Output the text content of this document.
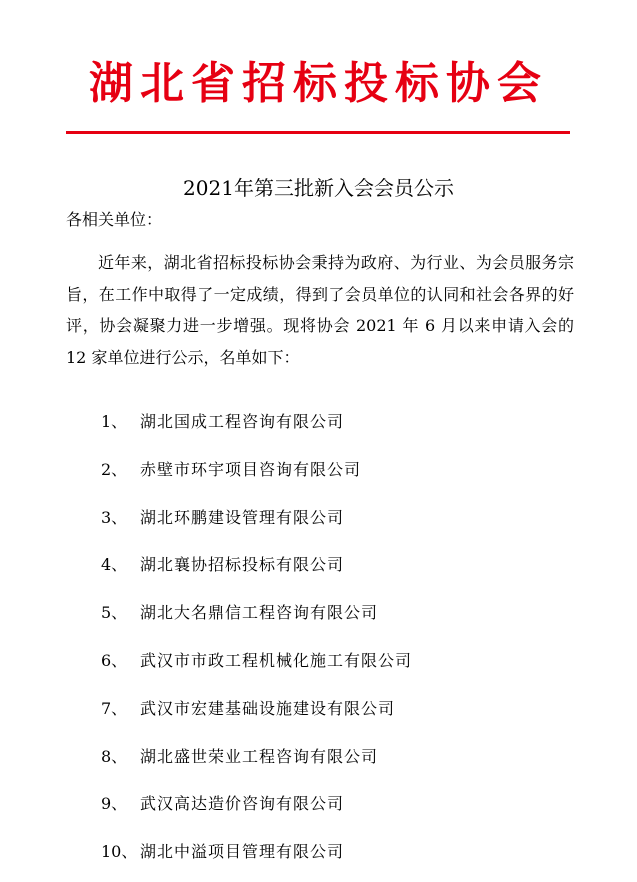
湖北省招标投标协会
2021年第三批新入会会员公示
各相关单位：
近年来，湖北省招标投标协会秉持为政府、为行业、为会员服务宗旨，在工作中取得了一定成绩，得到了会员单位的认同和社会各界的好评，协会凝聚力进一步增强。现将协会 2021 年 6 月以来申请入会的 12 家单位进行公示，名单如下：
1、 湖北国成工程咨询有限公司
2、 赤壁市环宇项目咨询有限公司
3、 湖北环鹏建设管理有限公司
4、 湖北襄协招标投标有限公司
5、 湖北大名鼎信工程咨询有限公司
6、 武汉市市政工程机械化施工有限公司
7、 武汉市宏建基础设施建设有限公司
8、 湖北盛世荣业工程咨询有限公司
9、 武汉高达造价咨询有限公司
10、 湖北中溢项目管理有限公司
